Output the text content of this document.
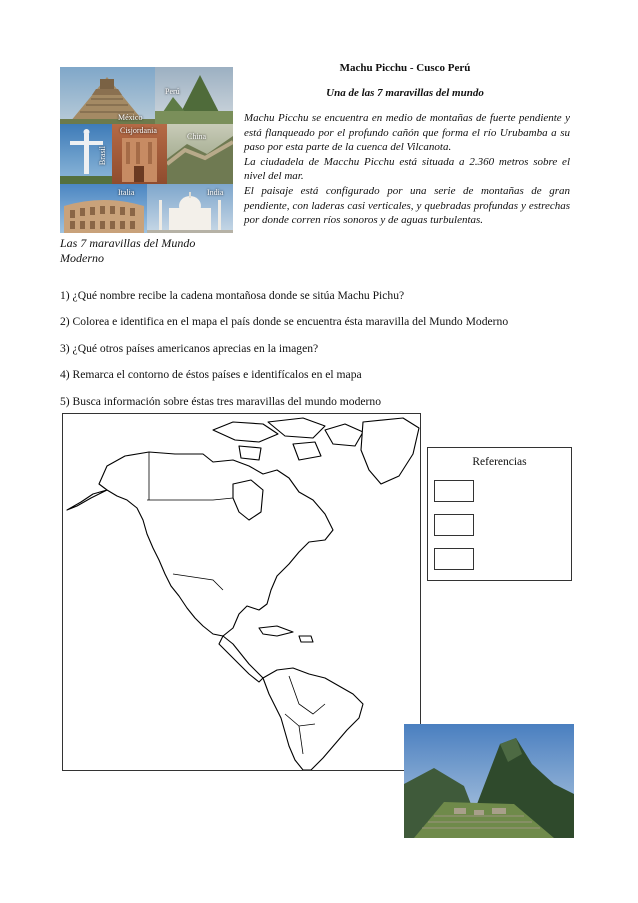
México
Perú
Brasil
Cisjordania
China
Italia	India
Las 7 maravillas del Mundo Moderno
Machu Picchu - Cusco Perú
Una de las 7 maravillas del mundo

Machu Picchu se encuentra en medio de montañas de fuerte pendiente y está flanqueado por el profundo cañón que forma el río Urubamba a su paso por esta parte de la cuenca del Vilcanota.

La ciudadela de Macchu Picchu está situada a 2.360 metros sobre el nivel del mar.

El paisaje está configurado por una serie de montañas de gran pendiente, con laderas casi verticales, y quebradas profundas y estrechas por donde corren ríos sonoros y de aguas turbulentas.

1) ¿Qué nombre recibe la cadena montañosa donde se sitúa Machu Pichu?
2) Colorea e identifica en el mapa el país donde se encuentra ésta maravilla del Mundo Moderno
3) ¿Qué otros países americanos aprecias en la imagen?
4) Remarca el contorno de éstos países e identifícalos en el mapa
5) Busca información sobre éstas tres maravillas del mundo moderno
Referencias
